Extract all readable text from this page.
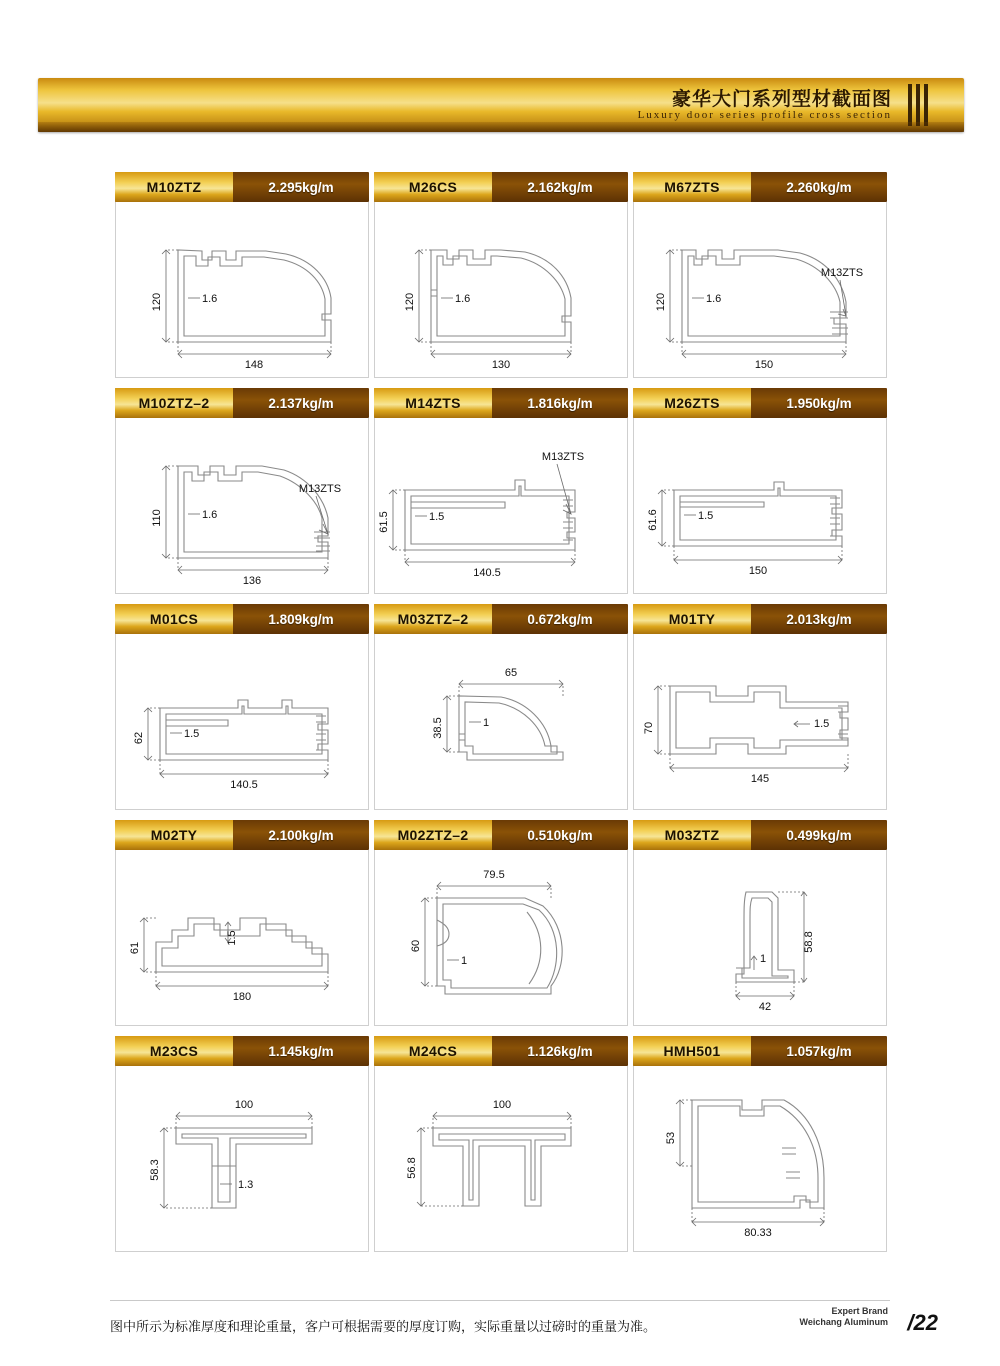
豪华大门系列型材截面图
Luxury door series profile cross section
M10ZTZ	2.295kg/m
120	1.6
148
M26CS	2.162kg/m
120	1.6
130
M67ZTS	2.260kg/m
120	1.6
150
M13ZTS
M10ZTZ–2	2.137kg/m
110	1.6
136
M13ZTS
M14ZTS	1.816kg/m
61.5	1.5
140.5
M13ZTS
M26ZTS	1.950kg/m
61.6	1.5
150
M01CS	1.809kg/m
62	1.5
140.5
M03ZTZ–2	0.672kg/m
38.5	1
65
M01TY	2.013kg/m
70	1.5
145
M02TY	2.100kg/m
61
1.5
180
M02ZTZ–2	0.510kg/m
60
1
79.5
M03ZTZ	0.499kg/m
58.8
1
42
M23CS	1.145kg/m
100
58.3
1.3
M24CS	1.126kg/m
100
56.8
HMH501	1.057kg/m
53
80.33
图中所示为标准厚度和理论重量，客户可根据需要的厚度订购，实际重量以过磅时的重量为准。
Expert Brand
Weichang Aluminum /22
